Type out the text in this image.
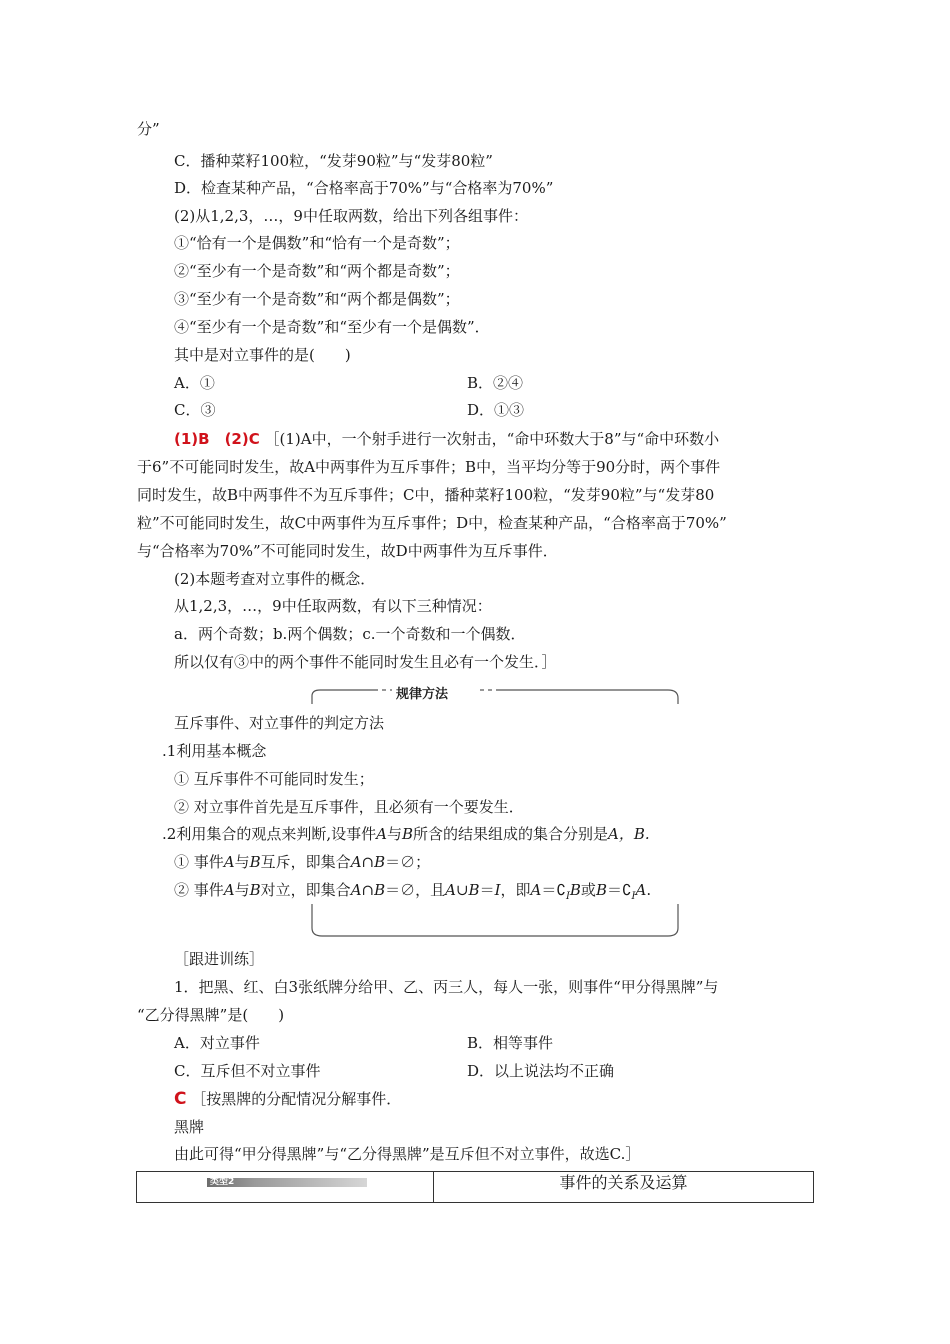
分”
C．播种菜籽100粒，“发芽90粒”与“发芽80粒”
D．检查某种产品，“合格率高于70%”与“合格率为70%”
(2)从1,2,3，…，9中任取两数，给出下列各组事件：
①“恰有一个是偶数”和“恰有一个是奇数”；
②“至少有一个是奇数”和“两个都是奇数”；
③“至少有一个是奇数”和“两个都是偶数”；
④“至少有一个是奇数”和“至少有一个是偶数”．
其中是对立事件的是(　　)
A．①	B．②④
C．③	D．①③
(1)B　(2)C ［(1)A中，一个射手进行一次射击，“命中环数大于8”与“命中环数小
于6”不可能同时发生，故A中两事件为互斥事件；B中，当平均分等于90分时，两个事件
同时发生，故B中两事件不为互斥事件；C中，播种菜籽100粒，“发芽90粒”与“发芽80
粒”不可能同时发生，故C中两事件为互斥事件；D中，检查某种产品，“合格率高于70%”
与“合格率为70%”不可能同时发生，故D中两事件为互斥事件．
(2)本题考查对立事件的概念．
从1,2,3，…，9中任取两数，有以下三种情况：
a．两个奇数；b.两个偶数；c.一个奇数和一个偶数．
所以仅有③中的两个事件不能同时发生且必有一个发生．］
规律方法
互斥事件、对立事件的判定方法
.1利用基本概念
① 互斥事件不可能同时发生；
② 对立事件首先是互斥事件，且必须有一个要发生．
.2利用集合的观点来判断,设事件A与B所含的结果组成的集合分别是A，B.
① 事件A与B互斥，即集合A∩B＝∅；
② 事件A与B对立，即集合A∩B＝∅，且A∪B＝I，即$A=∁_IB$或$B=∁_IA$.
［跟进训练］
1．把黑、红、白3张纸牌分给甲、乙、丙三人，每人一张，则事件“甲分得黑牌”与
“乙分得黑牌”是(　　)
A．对立事件	B．相等事件
C．互斥但不对立事件	D．以上说法均不正确
C ［按黑牌的分配情况分解事件．
黑牌
由此可得“甲分得黑牌”与“乙分得黑牌”是互斥但不对立事件，故选C.］
类型2	事件的关系及运算
